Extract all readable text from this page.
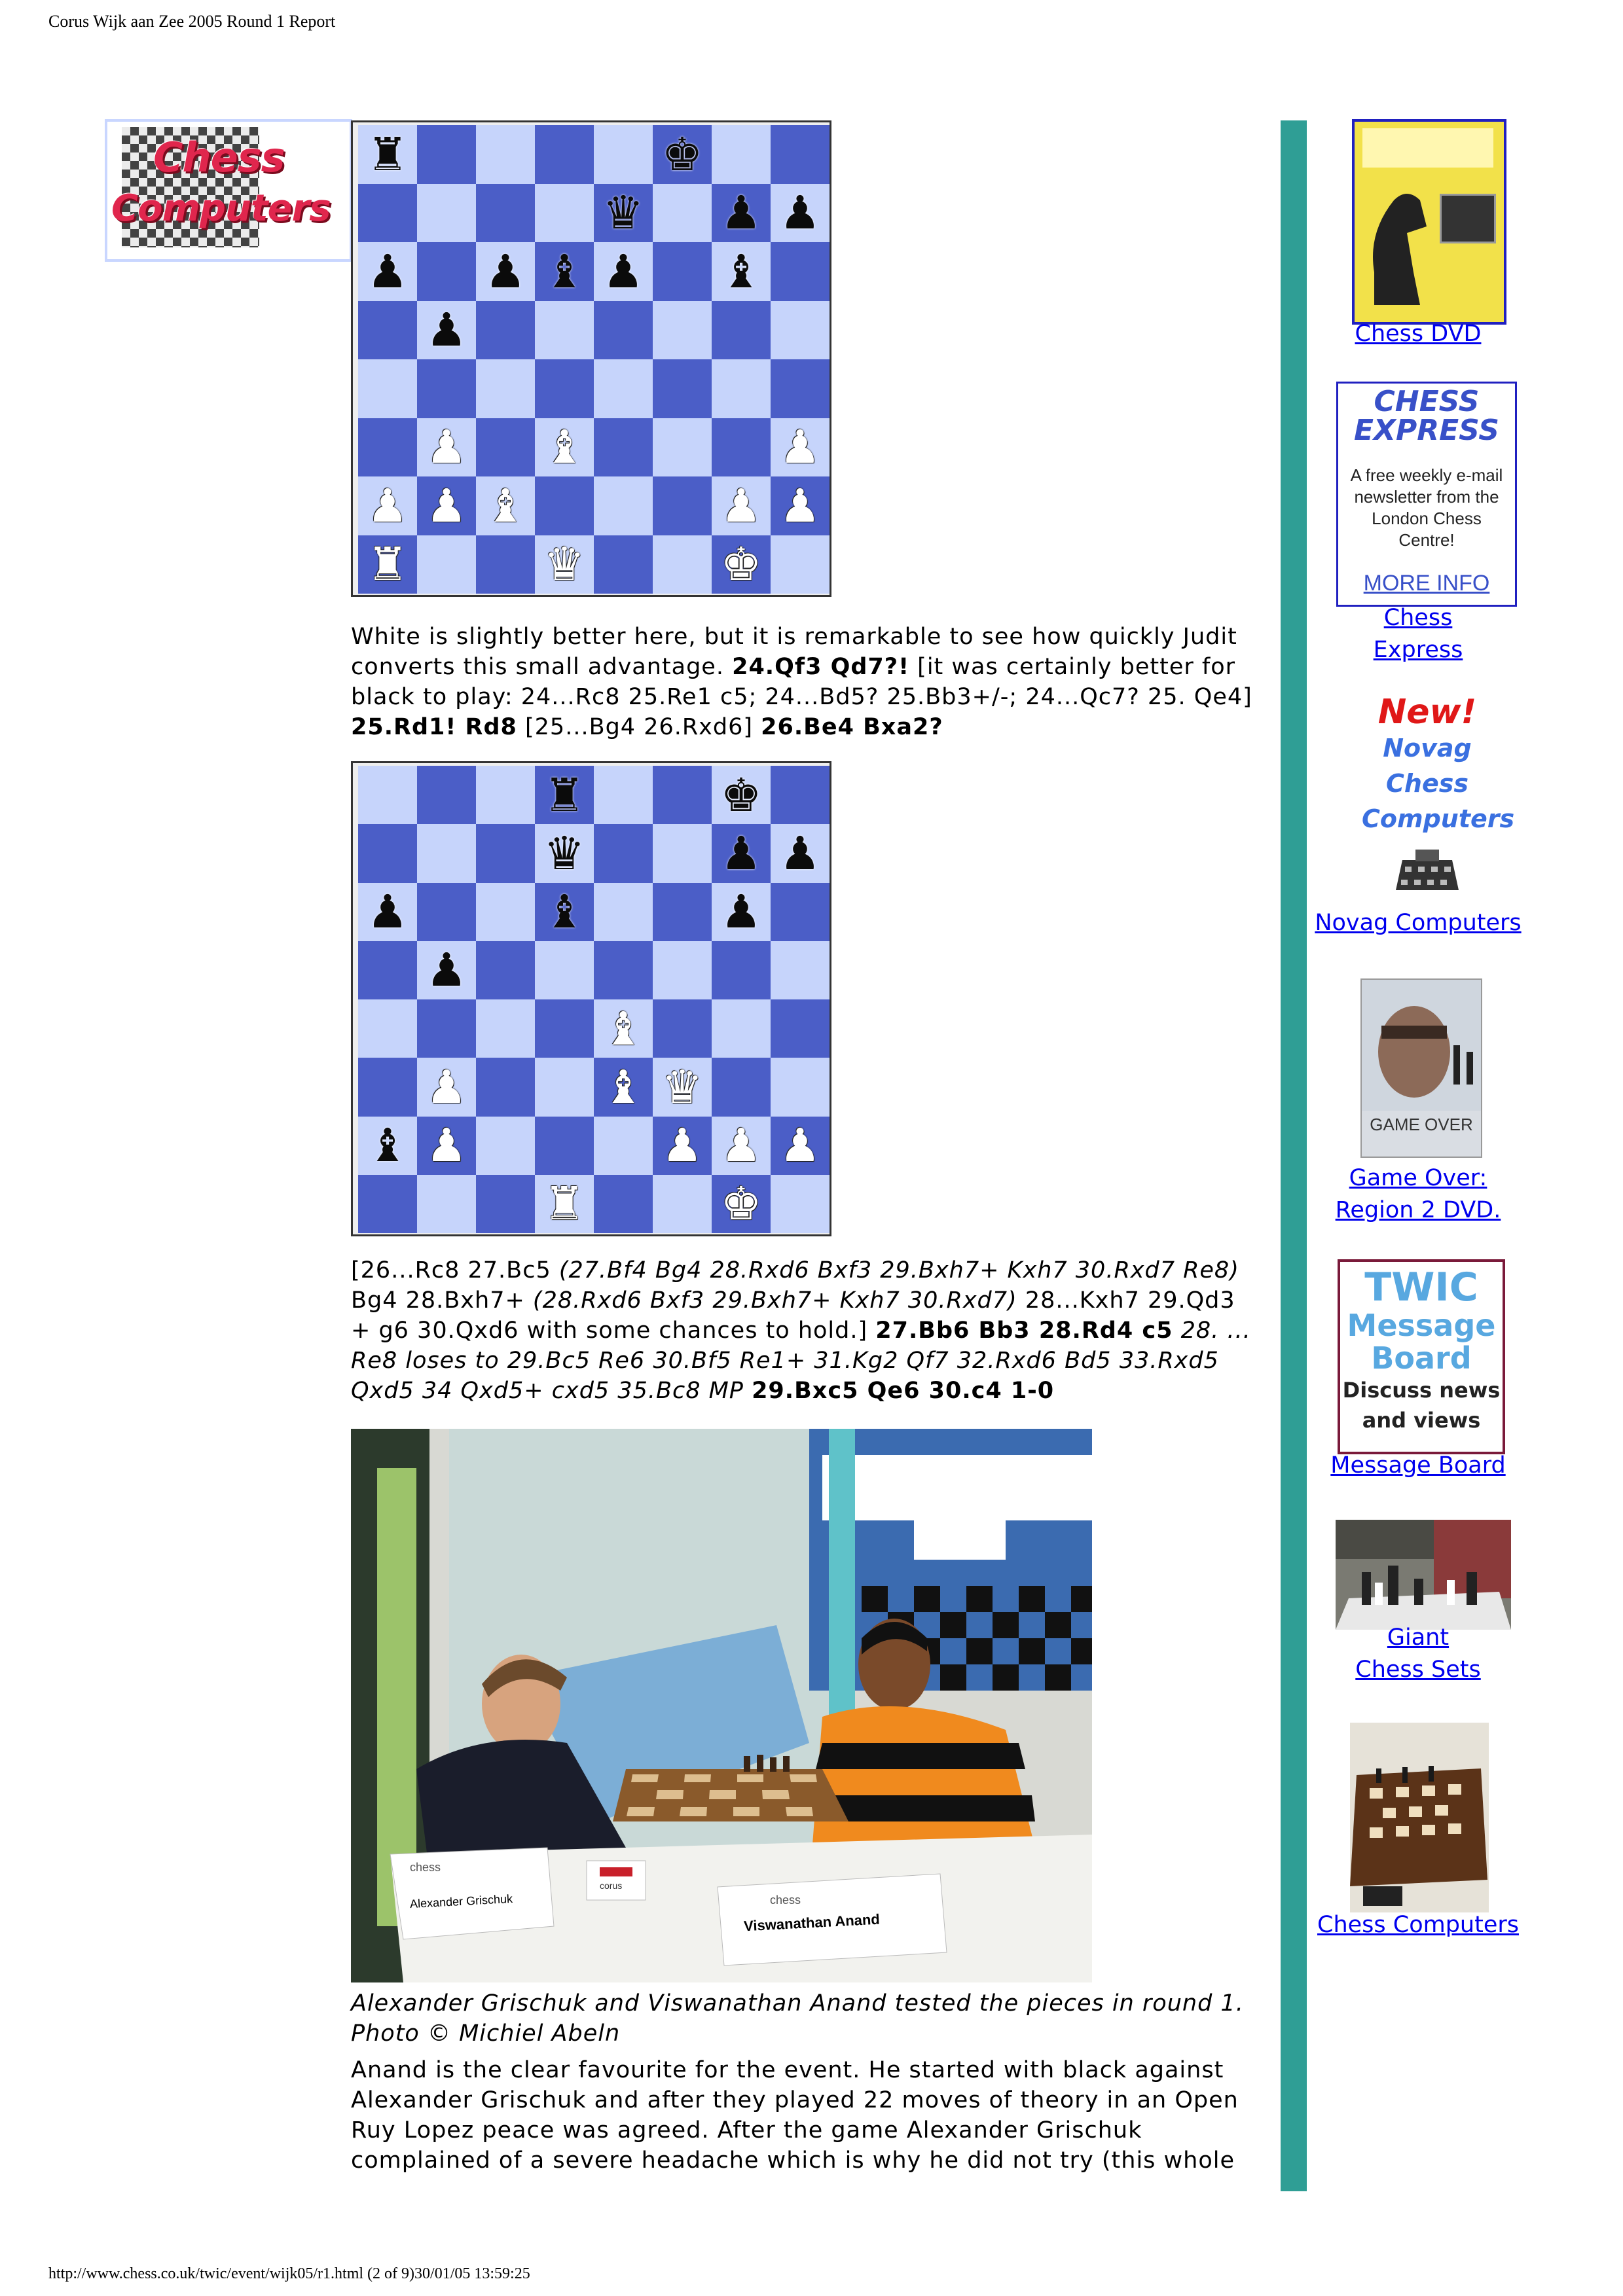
Corus Wijk aan Zee 2005 Round 1 Report
http://www.chess.co.uk/twic/event/wijk05/r1.html (2 of 9)30/01/05 13:59:25
Chess
Computers
♜	♚
♛ ♟ ♟
♟ ♟ ♝ ♟ ♝
♟
♟ ♝	♟
♟ ♟ ♝	♟ ♟
♜	♛	♚
White is slightly better here, but it is remarkable to see how quickly Judit converts this small advantage. 24.Qf3 Qd7?! [it was certainly better for black to play: 24...Rc8 25.Re1 c5; 24...Bd5? 25.Bb3+/-; 24...Qc7? 25. Qe4] 25.Rd1! Rd8 [25...Bg4 26.Rxd6] 26.Be4 Bxa2?
♜	♚
♛	♟ ♟
♟	♝	♟
♟
♝
♟	♝ ♛
♝ ♟	♟ ♟ ♟
♜	♚
[26...Rc8 27.Bc5 (27.Bf4 Bg4 28.Rxd6 Bxf3 29.Bxh7+ Kxh7 30.Rxd7 Re8) Bg4 28.Bxh7+ (28.Rxd6 Bxf3 29.Bxh7+ Kxh7 30.Rxd7) 28...Kxh7 29.Qd3 + g6 30.Qxd6 with some chances to hold.] 27.Bb6 Bb3 28.Rd4 c5 28. ... Re8 loses to 29.Bc5 Re6 30.Bf5 Re1+ 31.Kg2 Qf7 32.Rxd6 Bd5 33.Rxd5 Qxd5 34 Qxd5+ cxd5 35.Bc8 MP 29.Bxc5 Qe6 30.c4 1-0
Alexander Grischuk
Viswanathan Anand
chess
chess
corus
Alexander Grischuk and Viswanathan Anand tested the pieces in round 1. Photo © Michiel Abeln
Anand is the clear favourite for the event. He started with black against Alexander Grischuk and after they played 22 moves of theory in an Open Ruy Lopez peace was agreed. After the game Alexander Grischuk complained of a severe headache which is why he did not try (this whole
Chess DVD
CHESS
EXPRESS
A free weekly e-mail newsletter from the London Chess Centre!
MORE INFO
Chess
Express
New!
Novag
Chess
Computers
Novag Computers
GAME OVER
Game Over:
Region 2 DVD.
TWIC
Message
Board
Discuss news
and views
Message Board
Giant
Chess Sets
Chess Computers
